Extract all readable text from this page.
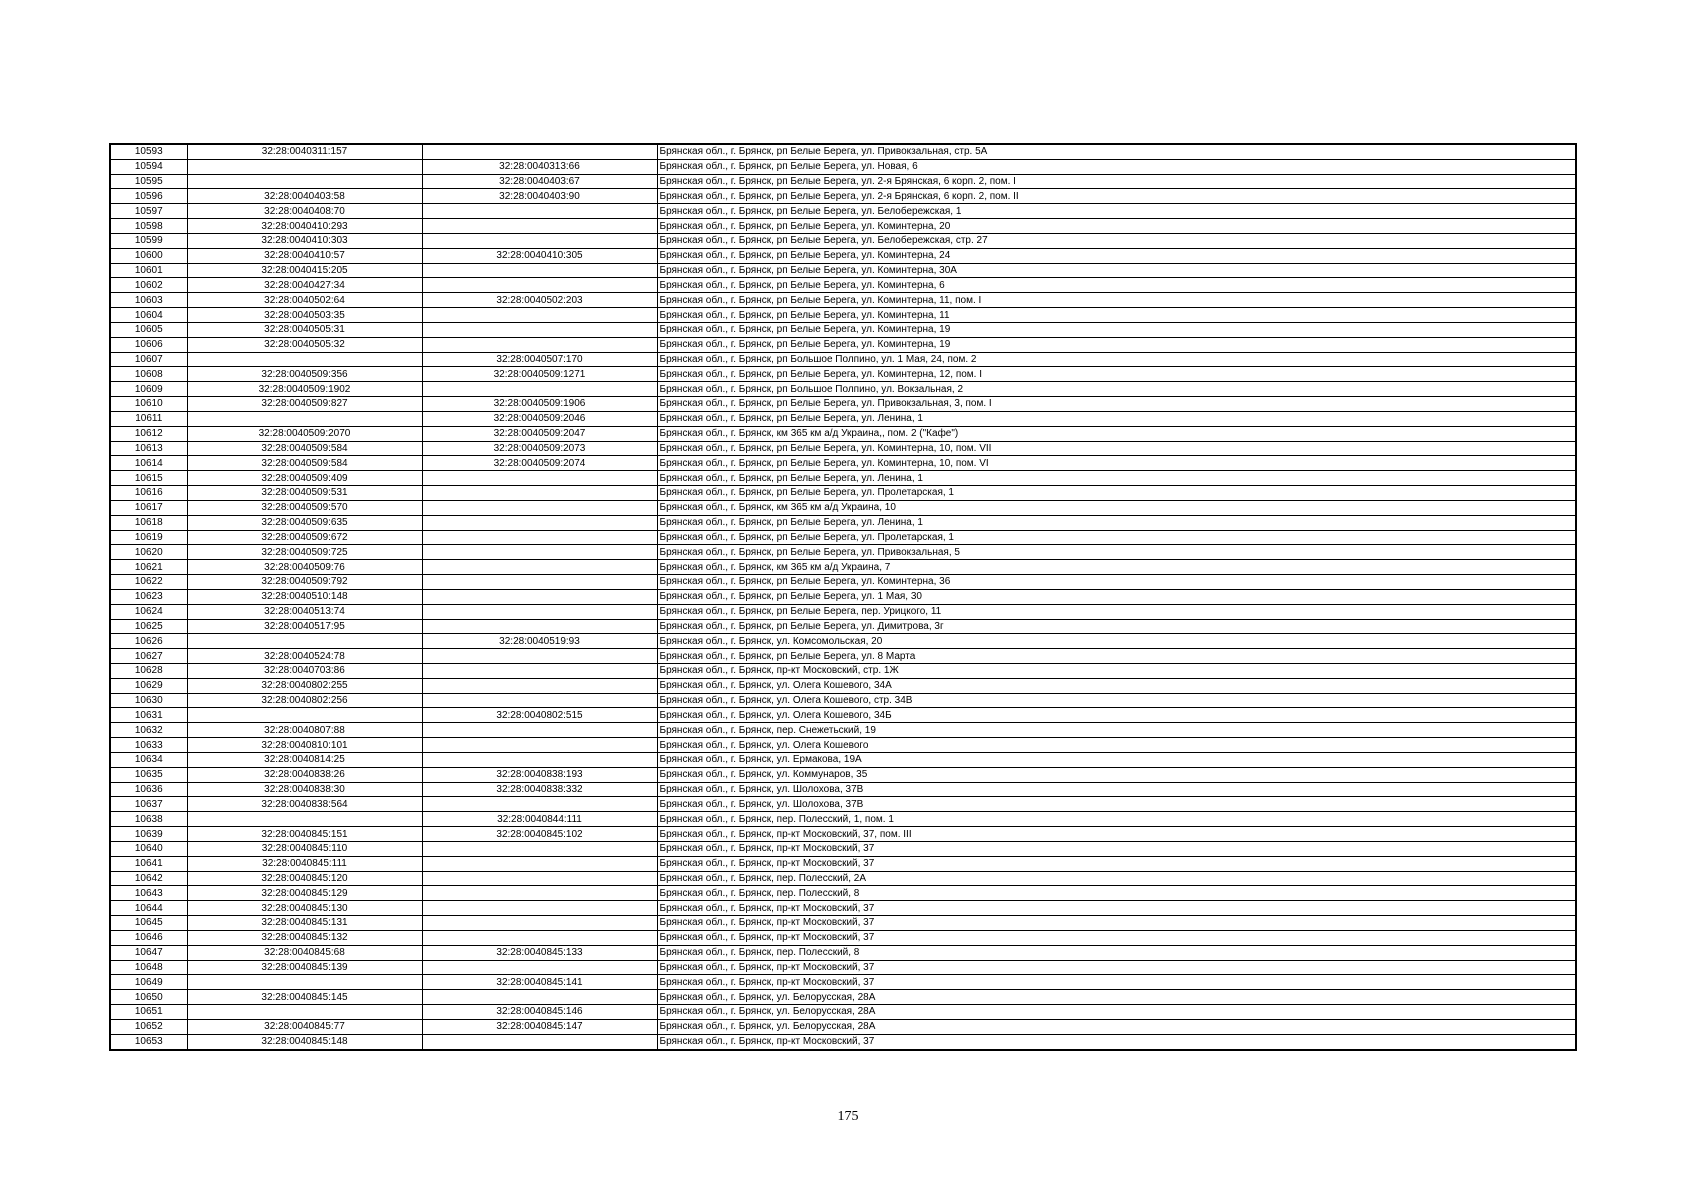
10593	32:28:0040311:157		Брянская обл., г. Брянск, рп Белые Берега, ул. Привокзальная, стр. 5А
10594		32:28:0040313:66	Брянская обл., г. Брянск, рп Белые Берега, ул. Новая, 6
10595		32:28:0040403:67	Брянская обл., г. Брянск, рп Белые Берега, ул. 2-я Брянская, 6 корп. 2, пом. I
10596	32:28:0040403:58	32:28:0040403:90	Брянская обл., г. Брянск, рп Белые Берега, ул. 2-я Брянская, 6 корп. 2, пом. II
10597	32:28:0040408:70		Брянская обл., г. Брянск, рп Белые Берега, ул. Белобережская, 1
10598	32:28:0040410:293		Брянская обл., г. Брянск, рп Белые Берега, ул. Коминтерна, 20
10599	32:28:0040410:303		Брянская обл., г. Брянск, рп Белые Берега, ул. Белобережская, стр. 27
10600	32:28:0040410:57	32:28:0040410:305	Брянская обл., г. Брянск, рп Белые Берега, ул. Коминтерна, 24
10601	32:28:0040415:205		Брянская обл., г. Брянск, рп Белые Берега, ул. Коминтерна, 30А
10602	32:28:0040427:34		Брянская обл., г. Брянск, рп Белые Берега, ул. Коминтерна, 6
10603	32:28:0040502:64	32:28:0040502:203	Брянская обл., г. Брянск, рп Белые Берега, ул. Коминтерна, 11, пом. I
10604	32:28:0040503:35		Брянская обл., г. Брянск, рп Белые Берега, ул. Коминтерна, 11
10605	32:28:0040505:31		Брянская обл., г. Брянск, рп Белые Берега, ул. Коминтерна, 19
10606	32:28:0040505:32		Брянская обл., г. Брянск, рп Белые Берега, ул. Коминтерна, 19
10607		32:28:0040507:170	Брянская обл., г. Брянск, рп Большое Полпино, ул. 1 Мая, 24, пом. 2
10608	32:28:0040509:356	32:28:0040509:1271	Брянская обл., г. Брянск, рп Белые Берега, ул. Коминтерна, 12, пом. I
10609	32:28:0040509:1902		Брянская обл., г. Брянск, рп Большое Полпино, ул. Вокзальная, 2
10610	32:28:0040509:827	32:28:0040509:1906	Брянская обл., г. Брянск, рп Белые Берега, ул. Привокзальная, 3, пом. I
10611		32:28:0040509:2046	Брянская обл., г. Брянск, рп Белые Берега, ул. Ленина, 1
10612	32:28:0040509:2070	32:28:0040509:2047	Брянская обл., г. Брянск, км 365 км а/д Украина,, пом. 2 ("Кафе")
10613	32:28:0040509:584	32:28:0040509:2073	Брянская обл., г. Брянск, рп Белые Берега, ул. Коминтерна, 10, пом. VII
10614	32:28:0040509:584	32:28:0040509:2074	Брянская обл., г. Брянск, рп Белые Берега, ул. Коминтерна, 10, пом. VI
10615	32:28:0040509:409		Брянская обл., г. Брянск, рп Белые Берега, ул. Ленина, 1
10616	32:28:0040509:531		Брянская обл., г. Брянск, рп Белые Берега, ул. Пролетарская, 1
10617	32:28:0040509:570		Брянская обл., г. Брянск, км 365 км а/д Украина, 10
10618	32:28:0040509:635		Брянская обл., г. Брянск, рп Белые Берега, ул. Ленина, 1
10619	32:28:0040509:672		Брянская обл., г. Брянск, рп Белые Берега, ул. Пролетарская, 1
10620	32:28:0040509:725		Брянская обл., г. Брянск, рп Белые Берега, ул. Привокзальная, 5
10621	32:28:0040509:76		Брянская обл., г. Брянск, км 365 км а/д Украина, 7
10622	32:28:0040509:792		Брянская обл., г. Брянск, рп Белые Берега, ул. Коминтерна, 36
10623	32:28:0040510:148		Брянская обл., г. Брянск, рп Белые Берега, ул. 1 Мая, 30
10624	32:28:0040513:74		Брянская обл., г. Брянск, рп Белые Берега, пер. Урицкого, 11
10625	32:28:0040517:95		Брянская обл., г. Брянск, рп Белые Берега, ул. Димитрова, 3г
10626		32:28:0040519:93	Брянская обл., г. Брянск, ул. Комсомольская, 20
10627	32:28:0040524:78		Брянская обл., г. Брянск, рп Белые Берега, ул. 8 Марта
10628	32:28:0040703:86		Брянская обл., г. Брянск, пр-кт Московский, стр. 1Ж
10629	32:28:0040802:255		Брянская обл., г. Брянск, ул. Олега Кошевого, 34А
10630	32:28:0040802:256		Брянская обл., г. Брянск, ул. Олега Кошевого, стр. 34В
10631		32:28:0040802:515	Брянская обл., г. Брянск, ул. Олега Кошевого, 34Б
10632	32:28:0040807:88		Брянская обл., г. Брянск, пер. Снежетьский, 19
10633	32:28:0040810:101		Брянская обл., г. Брянск, ул. Олега Кошевого
10634	32:28:0040814:25		Брянская обл., г. Брянск, ул. Ермакова, 19А
10635	32:28:0040838:26	32:28:0040838:193	Брянская обл., г. Брянск, ул. Коммунаров, 35
10636	32:28:0040838:30	32:28:0040838:332	Брянская обл., г. Брянск, ул. Шолохова, 37В
10637	32:28:0040838:564		Брянская обл., г. Брянск, ул. Шолохова, 37В
10638		32:28:0040844:111	Брянская обл., г. Брянск, пер. Полесский, 1, пом. 1
10639	32:28:0040845:151	32:28:0040845:102	Брянская обл., г. Брянск, пр-кт Московский, 37, пом. III
10640	32:28:0040845:110		Брянская обл., г. Брянск, пр-кт Московский, 37
10641	32:28:0040845:111		Брянская обл., г. Брянск, пр-кт Московский, 37
10642	32:28:0040845:120		Брянская обл., г. Брянск, пер. Полесский, 2А
10643	32:28:0040845:129		Брянская обл., г. Брянск, пер. Полесский, 8
10644	32:28:0040845:130		Брянская обл., г. Брянск, пр-кт Московский, 37
10645	32:28:0040845:131		Брянская обл., г. Брянск, пр-кт Московский, 37
10646	32:28:0040845:132		Брянская обл., г. Брянск, пр-кт Московский, 37
10647	32:28:0040845:68	32:28:0040845:133	Брянская обл., г. Брянск, пер. Полесский, 8
10648	32:28:0040845:139		Брянская обл., г. Брянск, пр-кт Московский, 37
10649		32:28:0040845:141	Брянская обл., г. Брянск, пр-кт Московский, 37
10650	32:28:0040845:145		Брянская обл., г. Брянск, ул. Белорусская, 28А
10651		32:28:0040845:146	Брянская обл., г. Брянск, ул. Белорусская, 28А
10652	32:28:0040845:77	32:28:0040845:147	Брянская обл., г. Брянск, ул. Белорусская, 28А
10653	32:28:0040845:148		Брянская обл., г. Брянск, пр-кт Московский, 37
175
